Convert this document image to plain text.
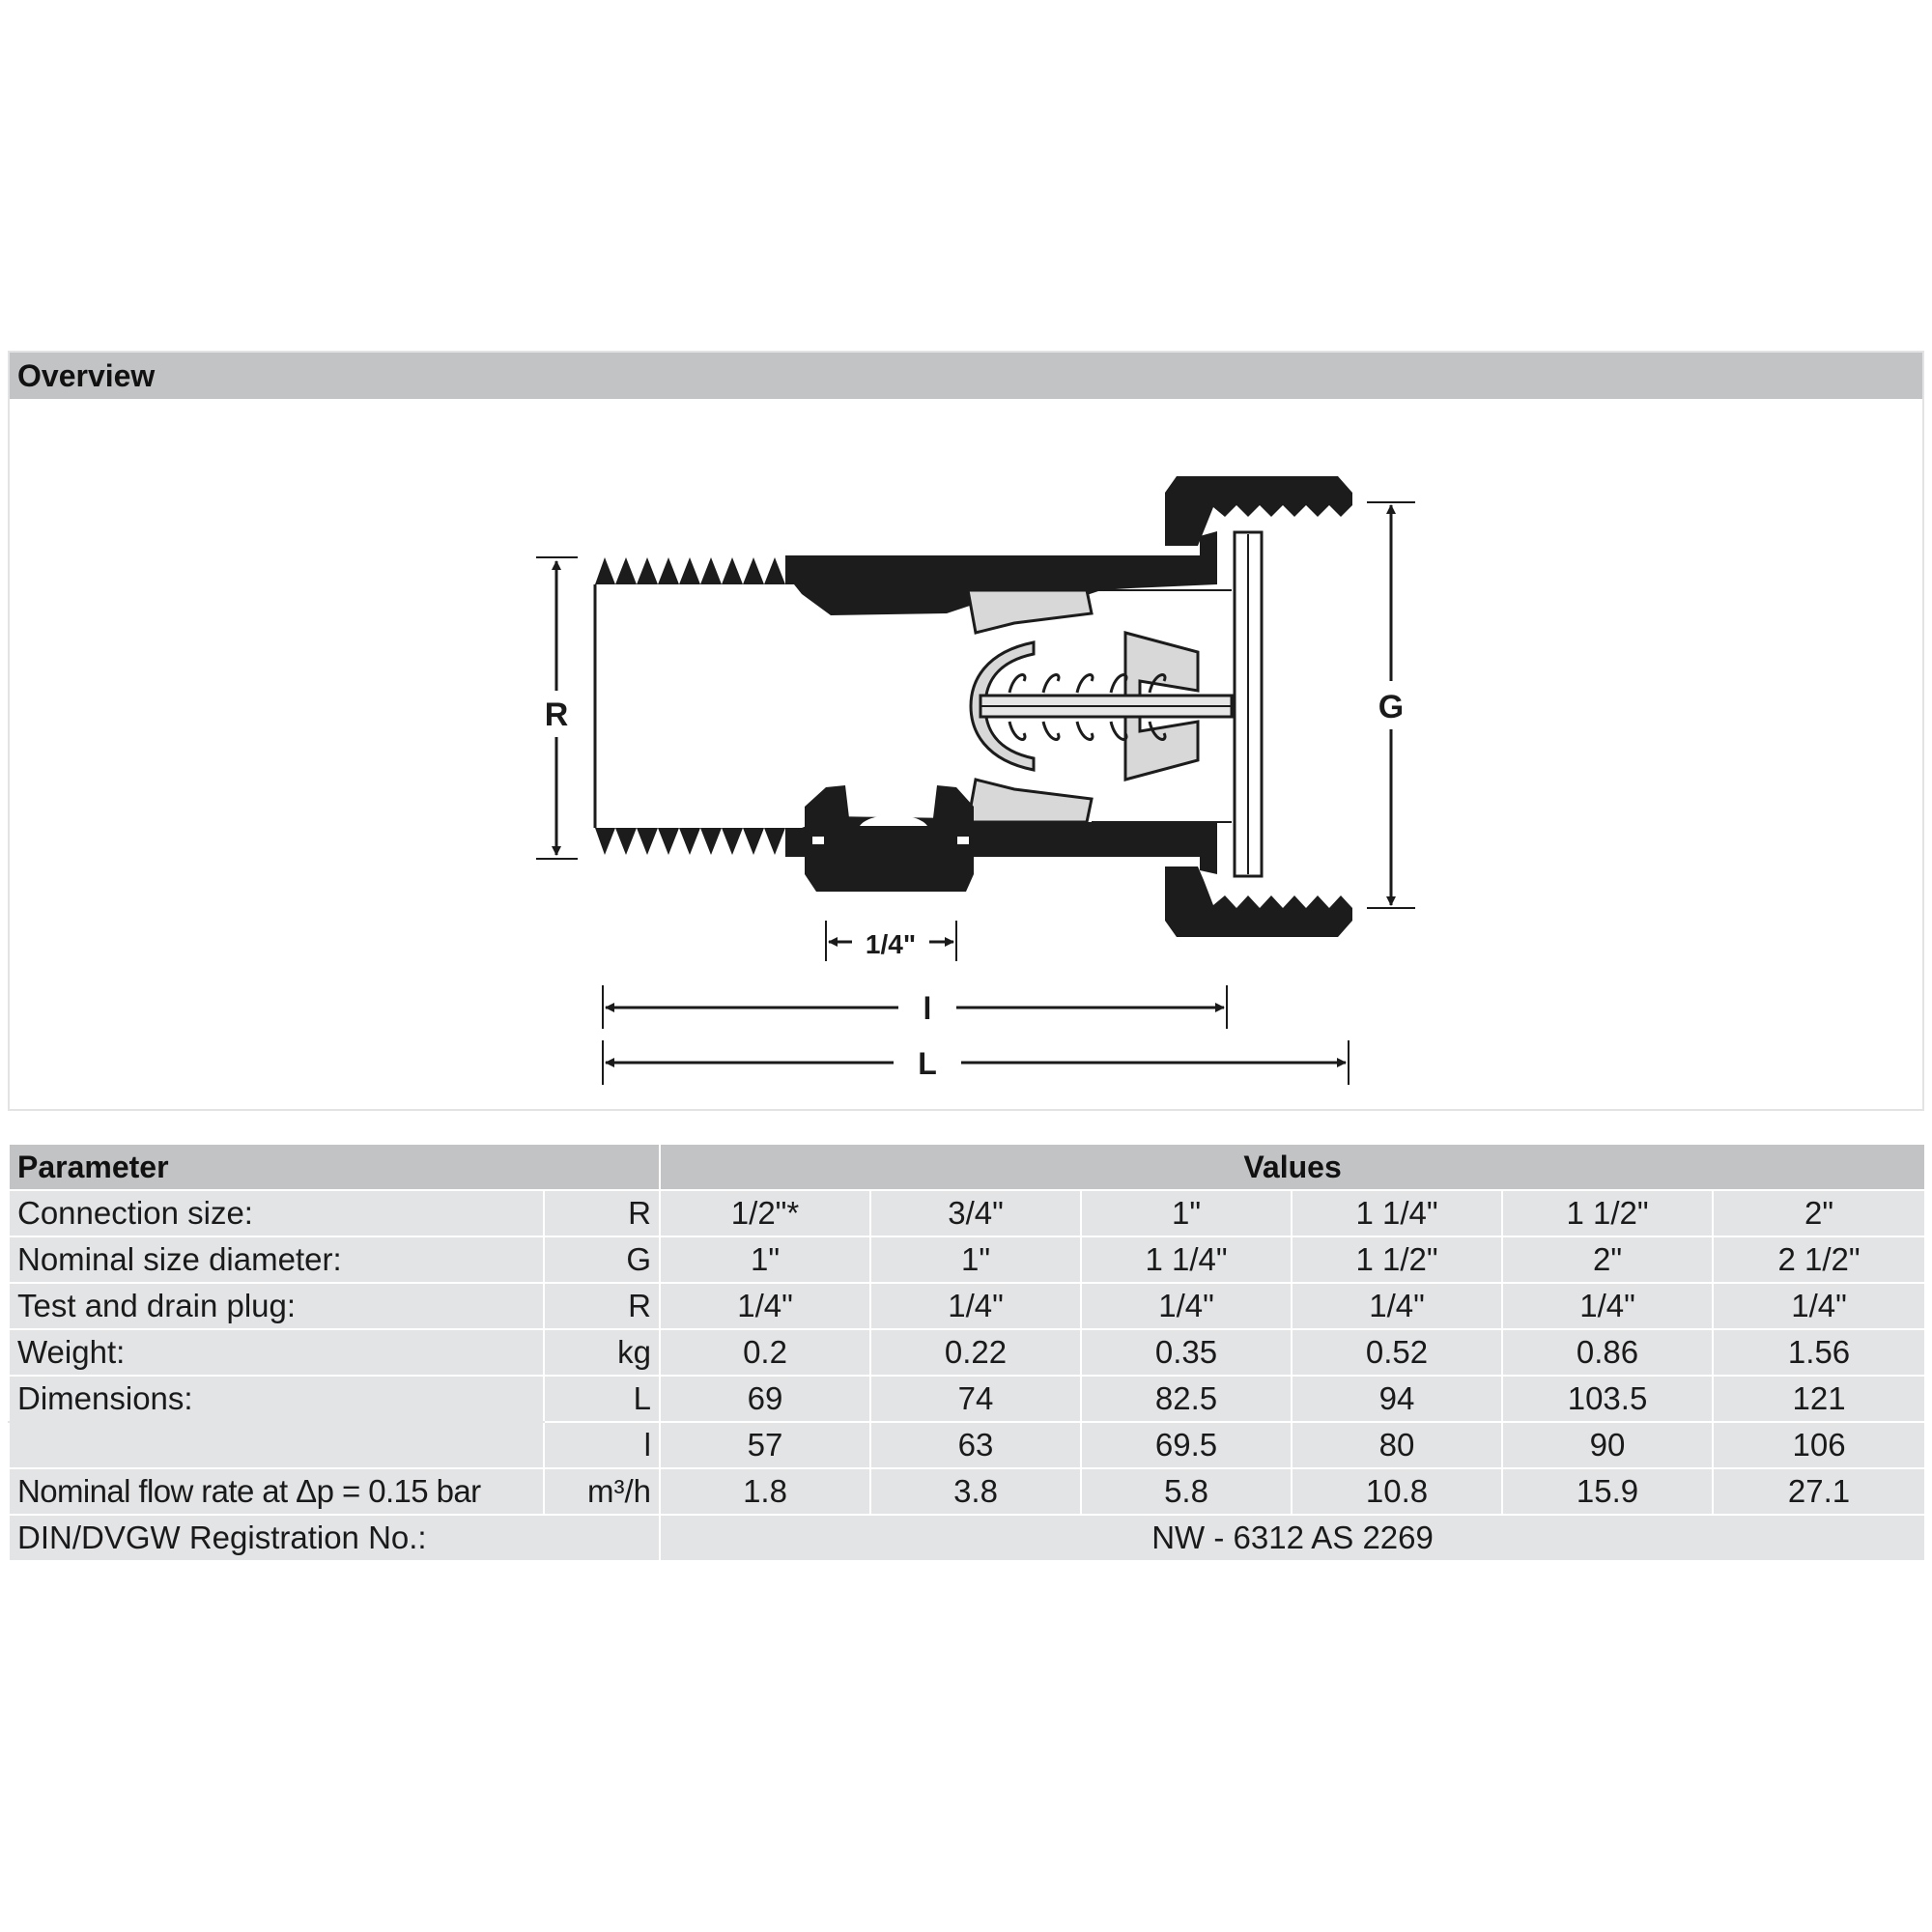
Overview
R	G
1/4"
l
L
Parameter		Values					
Connection size:	R	1/2"*	3/4"	1"	1 1/4"	1 1/2"	2"
Nominal size diameter:	G	1"	1"	1 1/4"	1 1/2"	2"	2 1/2"
Test and drain plug:	R	1/4"	1/4"	1/4"	1/4"	1/4"	1/4"
Weight:	kg	0.2	0.22	0.35	0.52	0.86	1.56
Dimensions:	L	69	74	82.5	94	103.5	121
	l	57	63	69.5	80	90	106
Nominal flow rate at Δp = 0.15 bar	m³/h	1.8	3.8	5.8	10.8	15.9	27.1
DIN/DVGW Registration No.:		NW - 6312 AS 2269					
